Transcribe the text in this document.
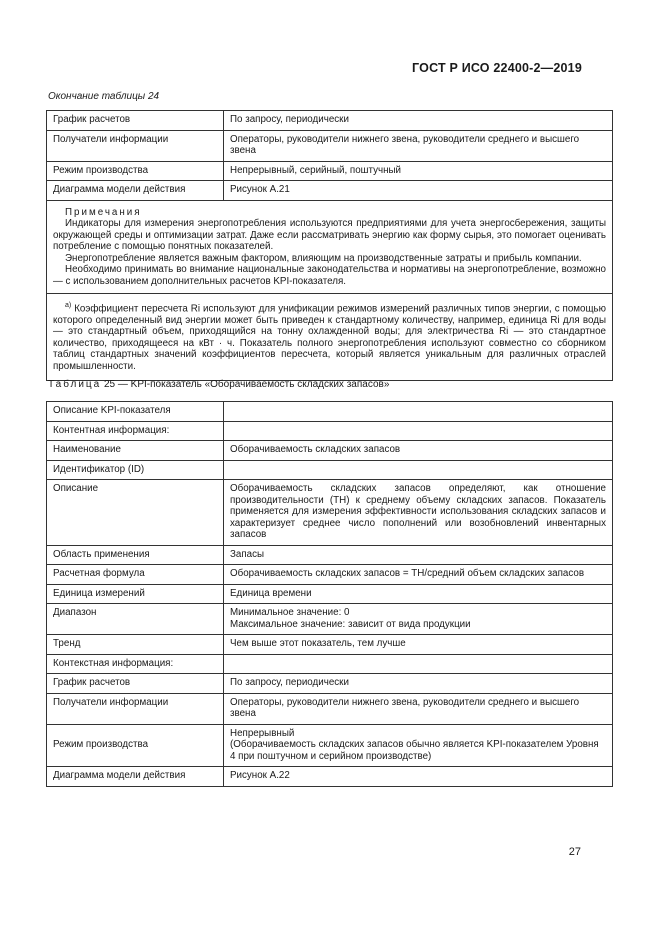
ГОСТ Р ИСО 22400-2—2019
Окончание таблицы 24
График расчетов	По запросу, периодически
Получатели информации	Операторы, руководители нижнего звена, руководители среднего и высшего звена
Режим производства	Непрерывный, серийный, поштучный
Диаграмма модели действия	Рисунок А.21

Примечания

Индикаторы для измерения энергопотребления используются предприятиями для учета энергосбережения, защиты окружающей среды и оптимизации затрат. Даже если рассматривать энергию как форму сырья, это помогает оценивать потребление с помощью понятных показателей.

Энергопотребление является важным фактором, влияющим на производственные затраты и прибыль компании.

Необходимо принимать во внимание национальные законодательства и нормативы на энергопотребление, возможно — с использованием дополнительных расчетов KPI-показателя.	

$^{а)}$ Коэффициент пересчета Ri используют для унификации режимов измерений различных типов энергии, с помощью которого определенный вид энергии может быть приведен к стандартному количеству, например, единица Ri для воды — это стандартный объем, приходящийся на тонну охлажденной воды; для электричества Ri — это стандартное количество, приходящееся на кВт · ч. Показатель полного энергопотребления используют совместно со сборником таблиц стандартных значений коэффициентов пересчета, который является уникальным для различных отраслей промышленности.	

Таблица 25 — KPI-показатель «Оборачиваемость складских запасов»
Описание KPI-показателя	
Контентная информация:	
Наименование	Оборачиваемость складских запасов
Идентификатор (ID)	
Описание	Оборачиваемость складских запасов определяют, как отношение производительности (ТН) к среднему объему складских запасов. Показатель применяется для измерения эффективности использования складских запасов и характеризует среднее число пополнений или возобновлений инвентарных запасов
Область применения	Запасы
Расчетная формула	Оборачиваемость складских запасов = ТН/средний объем складских запасов
Единица измерений	Единица времени
Диапазон	Минимальное значение: 0
Максимальное значение: зависит от вида продукции

Тренд	Чем выше этот показатель, тем лучше
Контекстная информация:	
График расчетов	По запросу, периодически
Получатели информации	Операторы, руководители нижнего звена, руководители среднего и высшего звена
Режим производства	Непрерывный
(Оборачиваемость складских запасов обычно является KPI-показателем Уровня 4 при поштучном и серийном производстве)

Диаграмма модели действия	Рисунок А.22
27
